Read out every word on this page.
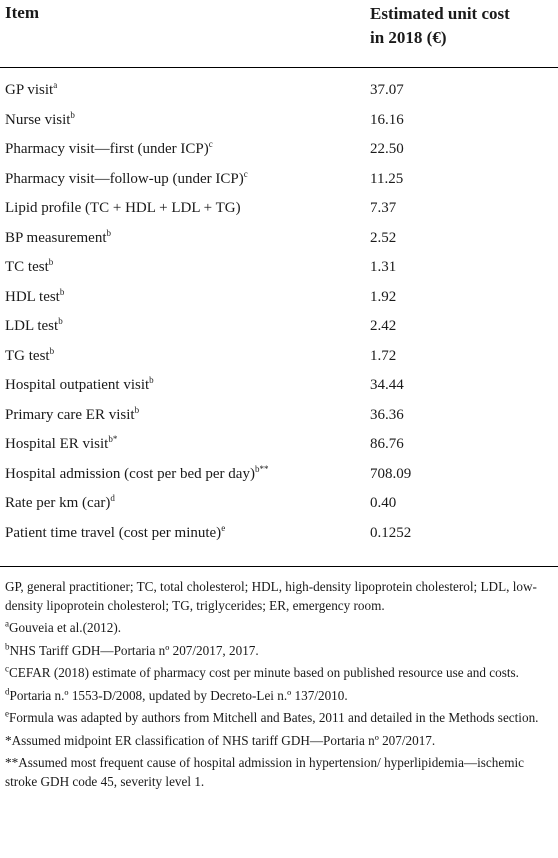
Item	Estimated unit cost
in 2018 (€)
GP visit$^a$	37.07
Nurse visit$^b$	16.16
Pharmacy visit—first (under ICP)$^c$	22.50
Pharmacy visit—follow-up (under ICP)$^c$	11.25
Lipid profile (TC + HDL + LDL + TG)	7.37
BP measurement$^b$	2.52
TC test$^b$	1.31
HDL test$^b$	1.92
LDL test$^b$	2.42
TG test$^b$	1.72
Hospital outpatient visit$^b$	34.44
Primary care ER visit$^b$	36.36
Hospital ER visit$^{b*}$	86.76
Hospital admission (cost per bed per day)$^{b**}$	708.09
Rate per km (car)$^d$	0.40
Patient time travel (cost per minute)$^e$	0.1252
GP, general practitioner; TC, total cholesterol; HDL, high-density lipoprotein cholesterol; LDL, low-density lipoprotein cholesterol; TG, triglycerides; ER, emergency room.
$^a$Gouveia et al.(2012).
$^b$NHS Tariff GDH—Portaria nº 207/2017, 2017.
$^c$CEFAR (2018) estimate of pharmacy cost per minute based on published resource use and costs.
$^d$Portaria n.º 1553-D/2008, updated by Decreto-Lei n.º 137/2010.
$^e$Formula was adapted by authors from Mitchell and Bates, 2011 and detailed in the Methods section.
*Assumed midpoint ER classification of NHS tariff GDH—Portaria nº 207/2017.
**Assumed most frequent cause of hospital admission in hypertension/ hyperlipidemia—ischemic stroke GDH code 45, severity level 1.
